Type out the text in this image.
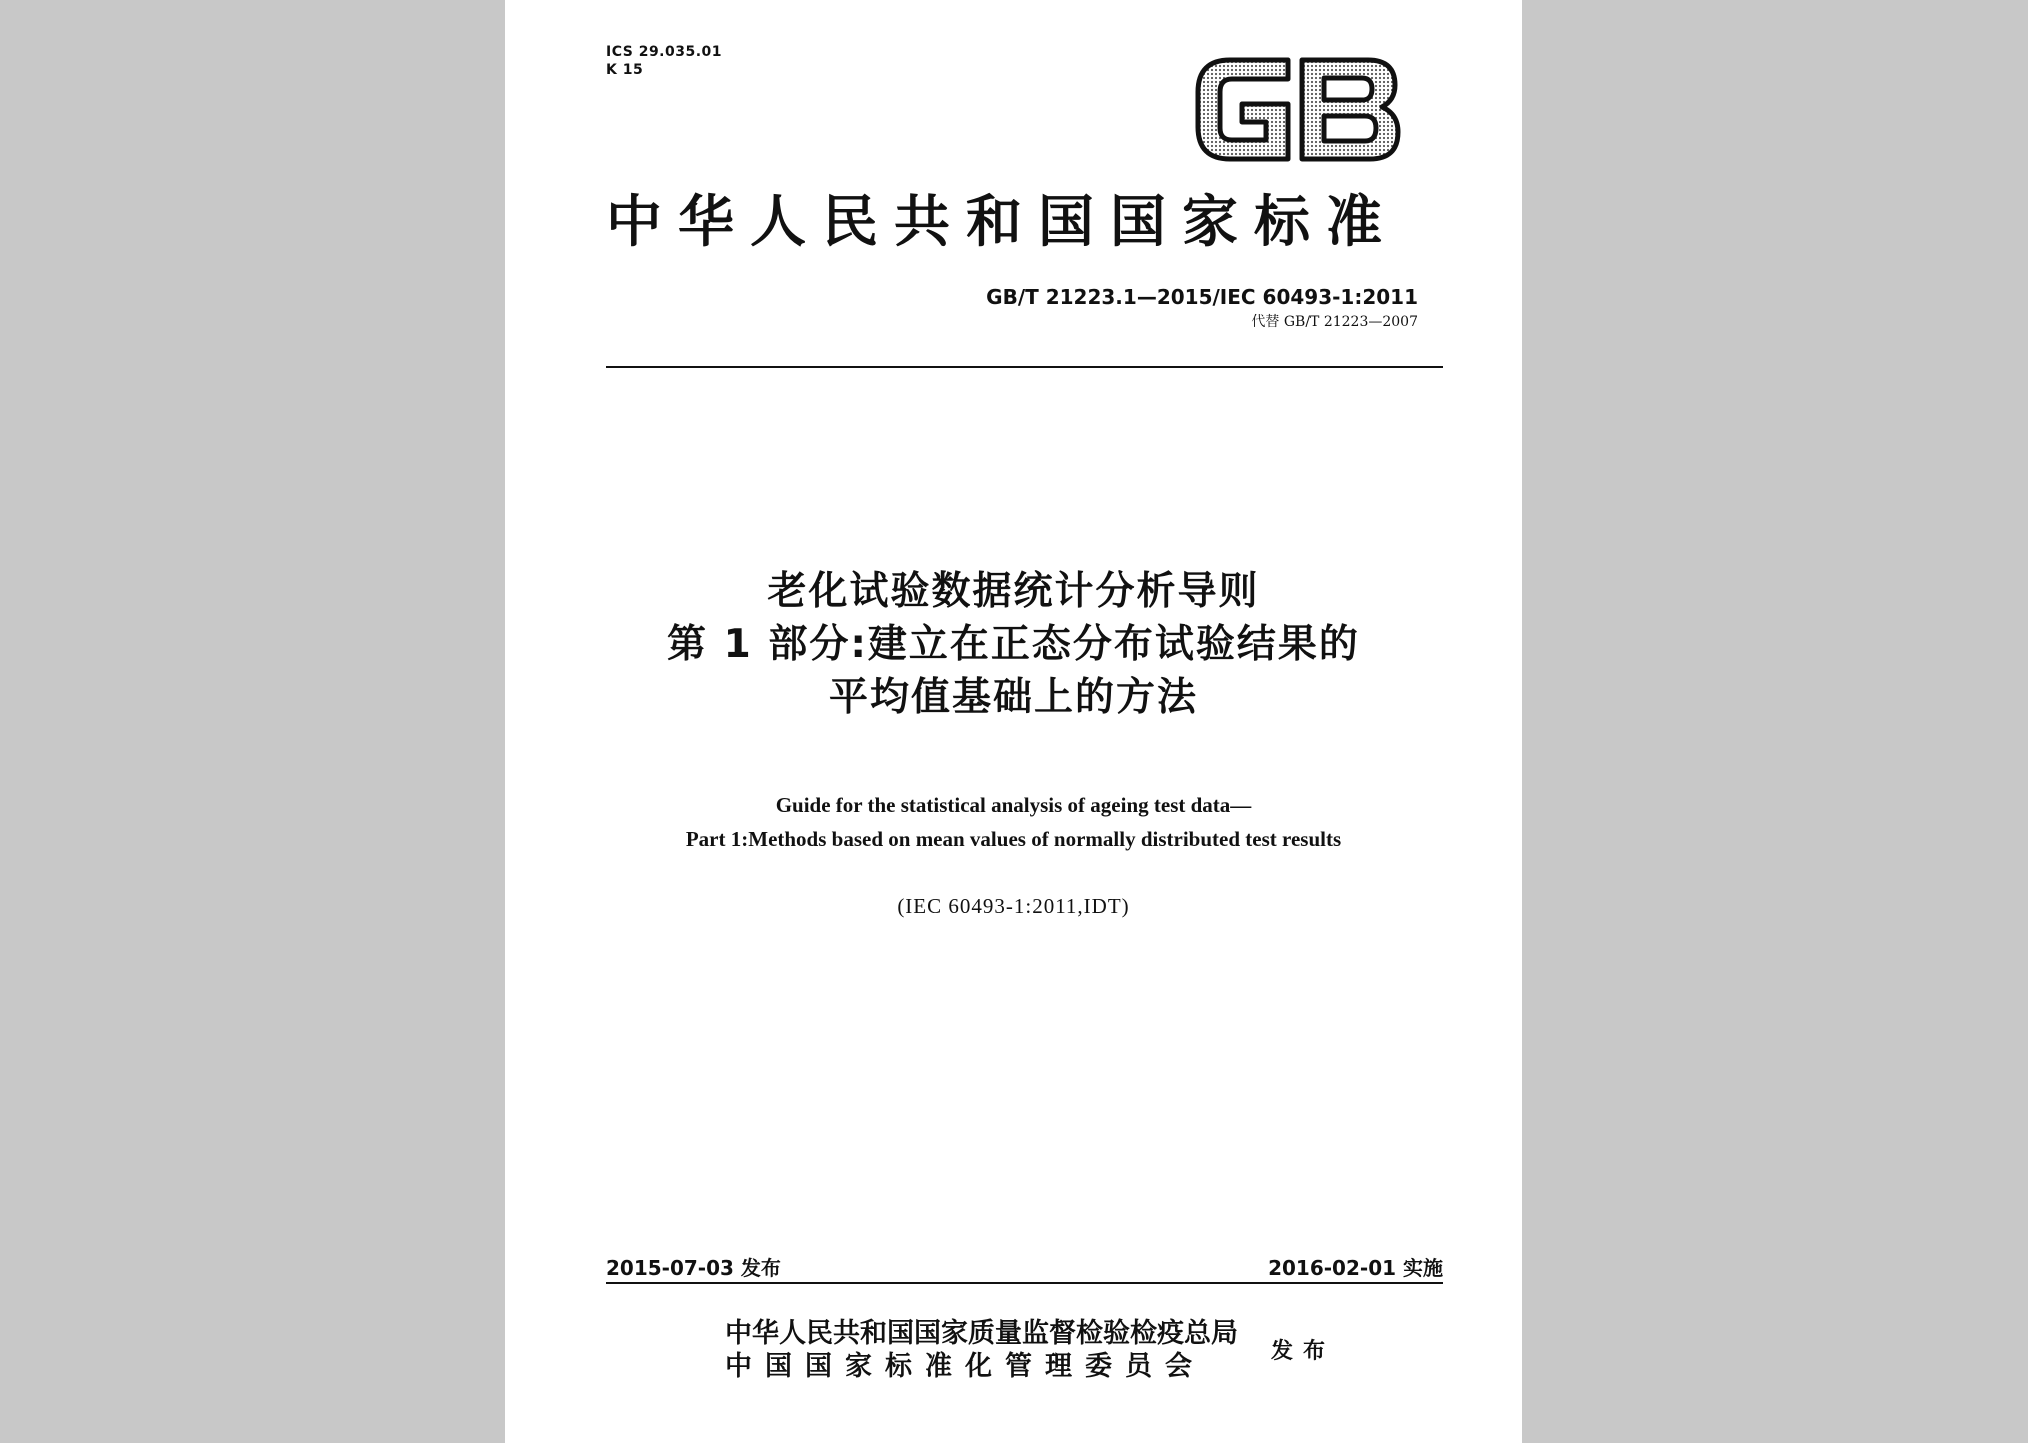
ICS 29.035.01
K 15
中华人民共和国国家标准
GB/T 21223.1—2015/IEC 60493-1:2011
代替 GB/T 21223—2007
老化试验数据统计分析导则
第 1 部分:建立在正态分布试验结果的
平均值基础上的方法
Guide for the statistical analysis of ageing test data—
Part 1:Methods based on mean values of normally distributed test results
(IEC 60493-1:2011,IDT)
2015-07-03 发布	2016-02-01 实施
中华人民共和国国家质量监督检验检疫总局
中国国家标准化管理委员会	发布
